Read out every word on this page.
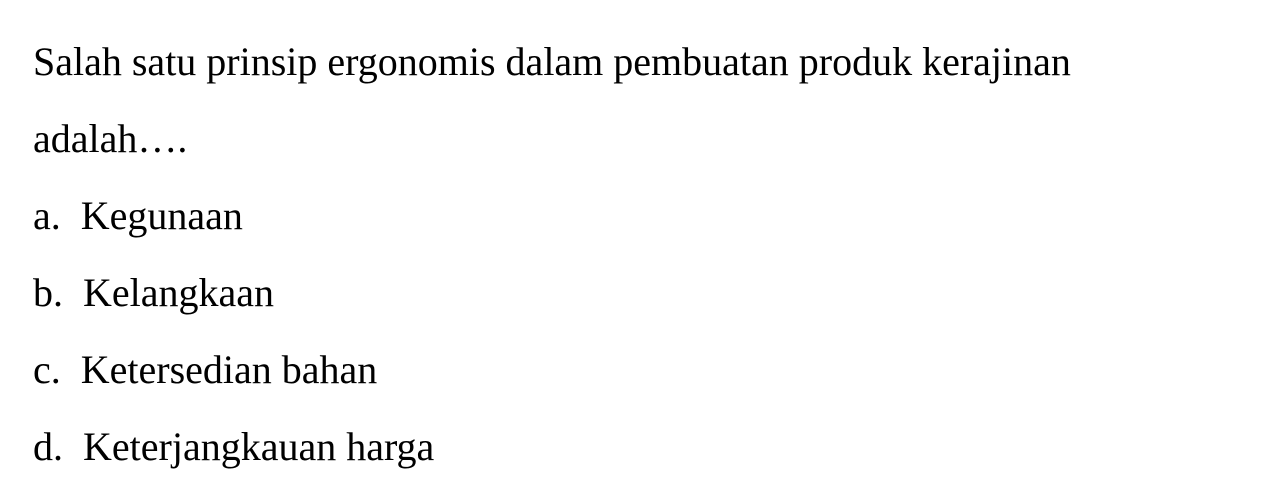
Salah satu prinsip ergonomis dalam pembuatan produk kerajinan
adalah….
a.  Kegunaan
b.  Kelangkaan
c.  Ketersedian bahan
d.  Keterjangkauan harga
